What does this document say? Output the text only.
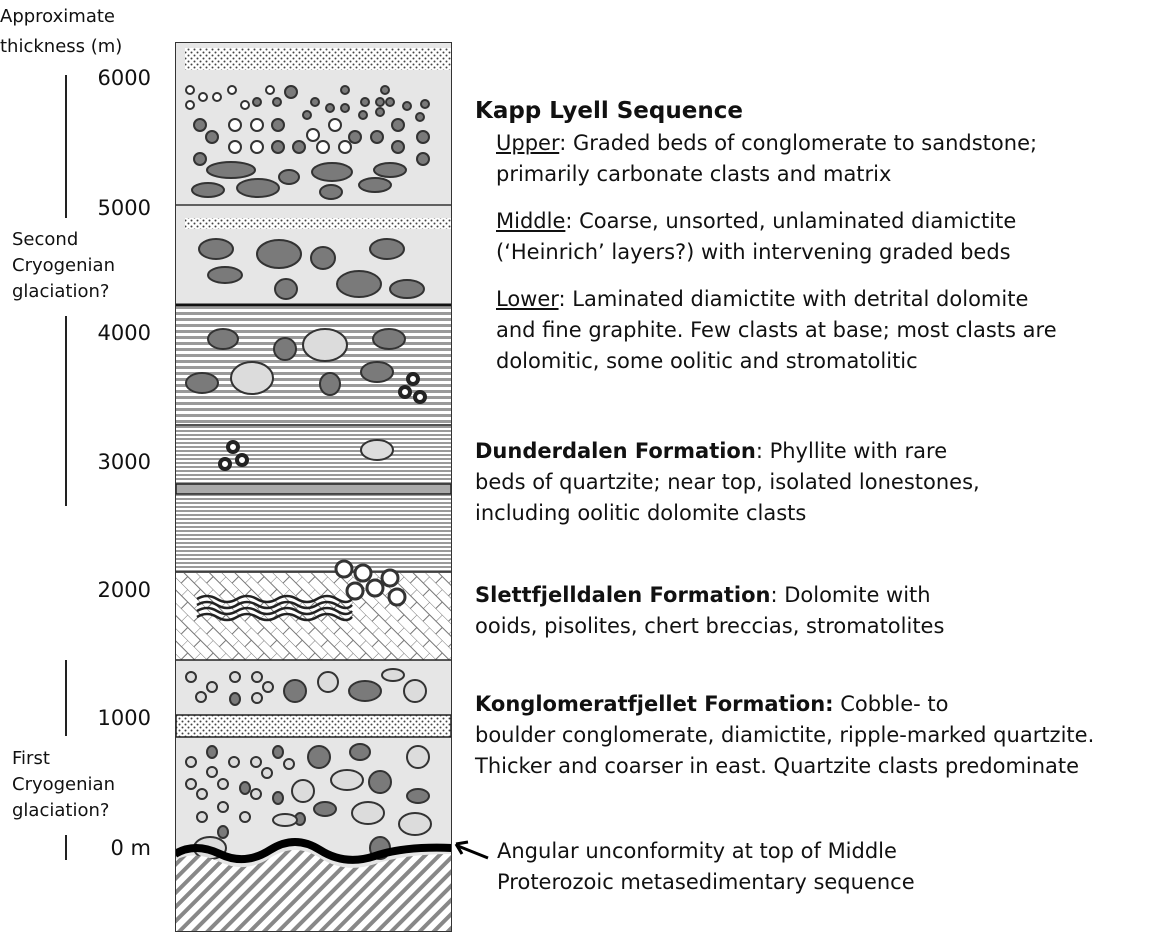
Approximate
thickness (m)
6000
5000
4000
3000
2000
1000
0 m
Second
Cryogenian
glaciation?
First
Cryogenian
glaciation?
Kapp Lyell Sequence
Upper: Graded beds of conglomerate to sandstone;
primarily carbonate clasts and matrix
Middle: Coarse, unsorted, unlaminated diamictite
(‘Heinrich’ layers?) with intervening graded beds
Lower: Laminated diamictite with detrital dolomite
and fine graphite. Few clasts at base; most clasts are
dolomitic, some oolitic and stromatolitic
Dunderdalen Formation: Phyllite with rare
beds of quartzite; near top, isolated lonestones,
including oolitic dolomite clasts
Slettfjelldalen Formation: Dolomite with
ooids, pisolites, chert breccias, stromatolites
Konglomeratfjellet Formation: Cobble- to
boulder conglomerate, diamictite, ripple-marked quartzite.
Thicker and coarser in east. Quartzite clasts predominate
Angular unconformity at top of Middle
Proterozoic metasedimentary sequence
